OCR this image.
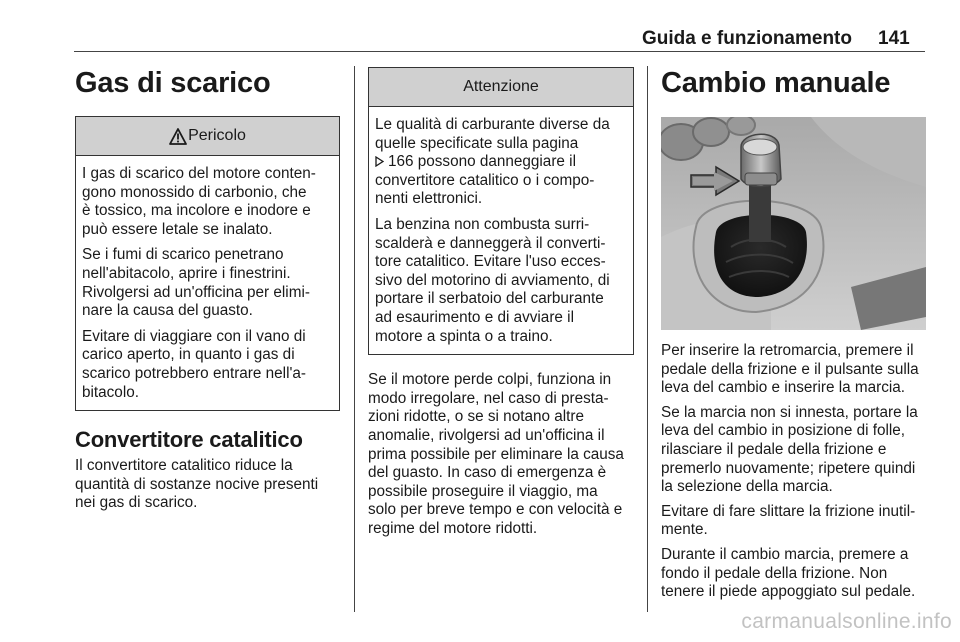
Guida e funzionamento 141
Gas di scarico
Pericolo

I gas di scarico del motore conten-
gono monossido di carbonio, che
è tossico, ma incolore e inodore e
può essere letale se inalato.

Se i fumi di scarico penetrano
nell'abitacolo, aprire i finestrini.
Rivolgersi ad un'officina per elimi-
nare la causa del guasto.

Evitare di viaggiare con il vano di
carico aperto, in quanto i gas di
scarico potrebbero entrare nell'a-
bitacolo.

Convertitore catalitico

Il convertitore catalitico riduce la
quantità di sostanze nocive presenti
nei gas di scarico.

Attenzione

Le qualità di carburante diverse da
quelle specificate sulla pagina
166 possono danneggiare il
convertitore catalitico o i compo-
nenti elettronici.

La benzina non combusta surri-
scalderà e danneggerà il converti-
tore catalitico. Evitare l'uso ecces-
sivo del motorino di avviamento, di
portare il serbatoio del carburante
ad esaurimento e di avviare il
motore a spinta o a traino.

Se il motore perde colpi, funziona in
modo irregolare, nel caso di presta-
zioni ridotte, o se si notano altre
anomalie, rivolgersi ad un'officina il
prima possibile per eliminare la causa
del guasto. In caso di emergenza è
possibile proseguire il viaggio, ma
solo per breve tempo e con velocità e
regime del motore ridotti.

Cambio manuale

Per inserire la retromarcia, premere il
pedale della frizione e il pulsante sulla
leva del cambio e inserire la marcia.

Se la marcia non si innesta, portare la
leva del cambio in posizione di folle,
rilasciare il pedale della frizione e
premerlo nuovamente; ripetere quindi
la selezione della marcia.

Evitare di fare slittare la frizione inutil-
mente.

Durante il cambio marcia, premere a
fondo il pedale della frizione. Non
tenere il piede appoggiato sul pedale.

carmanualsonline.info
